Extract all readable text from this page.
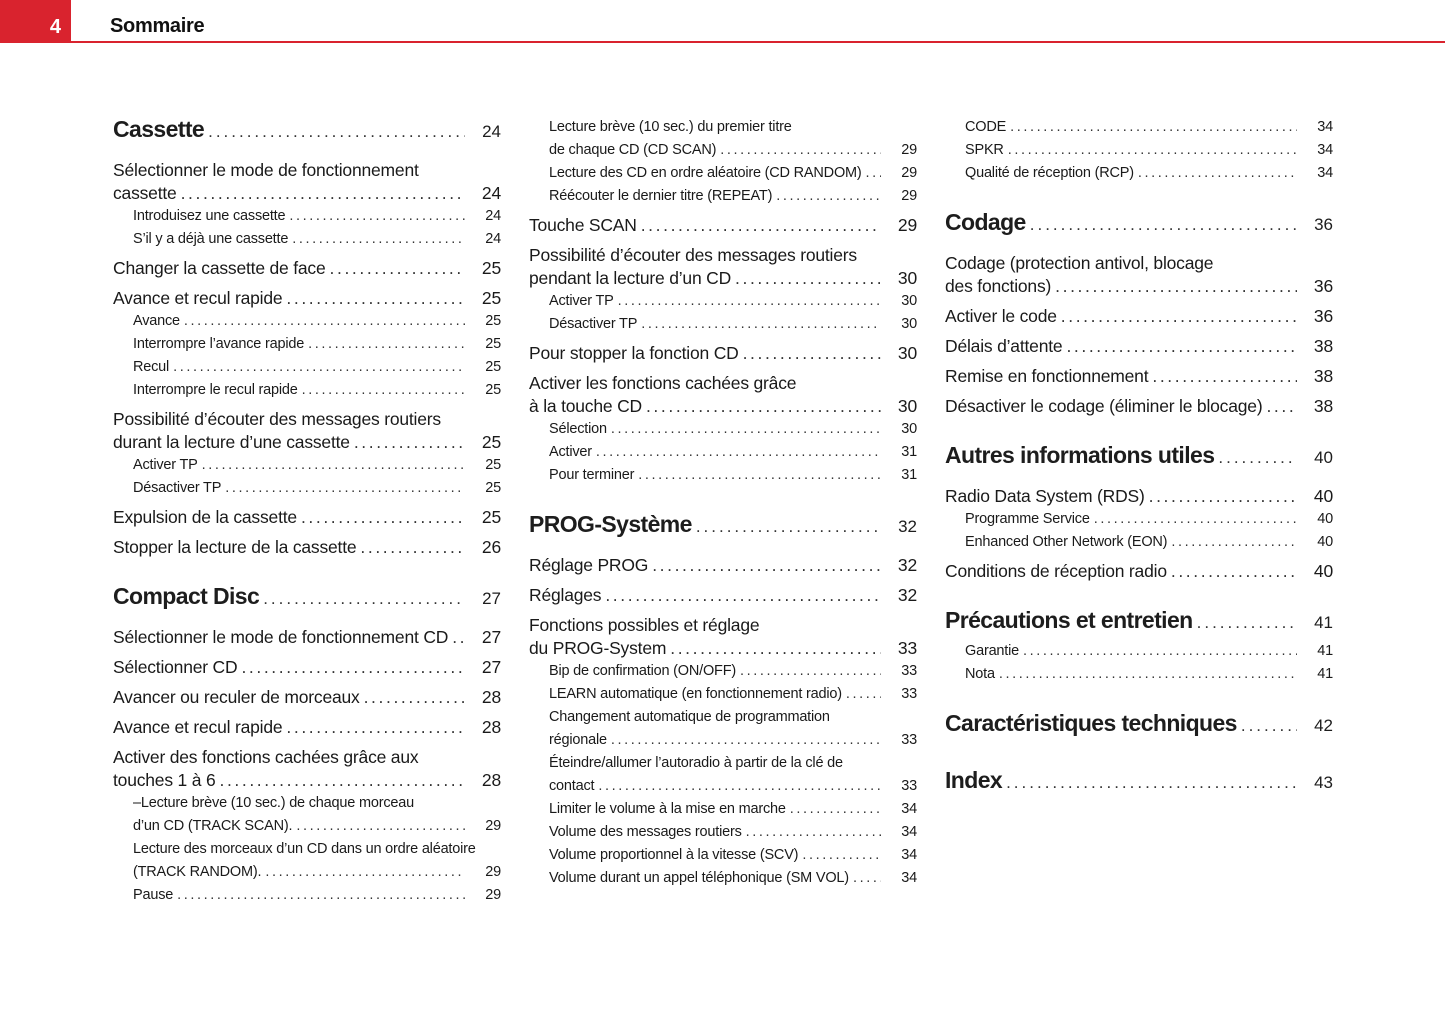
4 Sommaire
Cassette .....	24
Sélectionner le mode de fonctionnement
cassette .....	24
Introduisez une cassette .....	24
S’il y a déjà une cassette .....	24
Changer la cassette de face .....	25
Avance et recul rapide .....	25
Avance .....	25
Interrompre l’avance rapide .....	25
Recul .....	25
Interrompre le recul rapide .....	25
Possibilité d’écouter des messages routiers
durant la lecture d’une cassette .....	25
Activer TP .....	25
Désactiver TP .....	25
Expulsion de la cassette .....	25
Stopper la lecture de la cassette .....	26
Compact Disc .....	27
Sélectionner le mode de fonctionnement CD .....	27
Sélectionner CD .....	27
Avancer ou reculer de morceaux .....	28
Avance et recul rapide .....	28
Activer des fonctions cachées grâce aux
touches 1 à 6 .....	28
–Lecture brève (10 sec.) de chaque morceau
d’un CD (TRACK SCAN). .....	29
Lecture des morceaux d’un CD dans un ordre aléatoire
(TRACK RANDOM). .....	29
Pause .....	29
Lecture brève (10 sec.) du premier titre
de chaque CD (CD SCAN) .....	29
Lecture des CD en ordre aléatoire (CD RANDOM) .....	29
Réécouter le dernier titre (REPEAT) .....	29
Touche SCAN .....	29
Possibilité d’écouter des messages routiers
pendant la lecture d’un CD .....	30
Activer TP .....	30
Désactiver TP .....	30
Pour stopper la fonction CD .....	30
Activer les fonctions cachées grâce
à la touche CD .....	30
Sélection .....	30
Activer .....	31
Pour terminer .....	31
PROG-Système .....	32
Réglage PROG .....	32
Réglages .....	32
Fonctions possibles et réglage
du PROG-System .....	33
Bip de confirmation (ON/OFF) .....	33
LEARN automatique (en fonctionnement radio) .....	33
Changement automatique de programmation
régionale .....	33
Éteindre/allumer l’autoradio à partir de la clé de
contact .....	33
Limiter le volume à la mise en marche .....	34
Volume des messages routiers .....	34
Volume proportionnel à la vitesse (SCV) .....	34
Volume durant un appel téléphonique (SM VOL) .....	34
CODE .....	34
SPKR .....	34
Qualité de réception (RCP) .....	34
Codage .....	36
Codage (protection antivol, blocage
des fonctions) .....	36
Activer le code .....	36
Délais d’attente .....	38
Remise en fonctionnement .....	38
Désactiver le codage (éliminer le blocage) .....	38
Autres informations utiles .....	40
Radio Data System (RDS) .....	40
Programme Service .....	40
Enhanced Other Network (EON) .....	40
Conditions de réception radio .....	40
Précautions et entretien .....	41
Garantie .....	41
Nota .....	41
Caractéristiques techniques .....	42
Index .....	43
